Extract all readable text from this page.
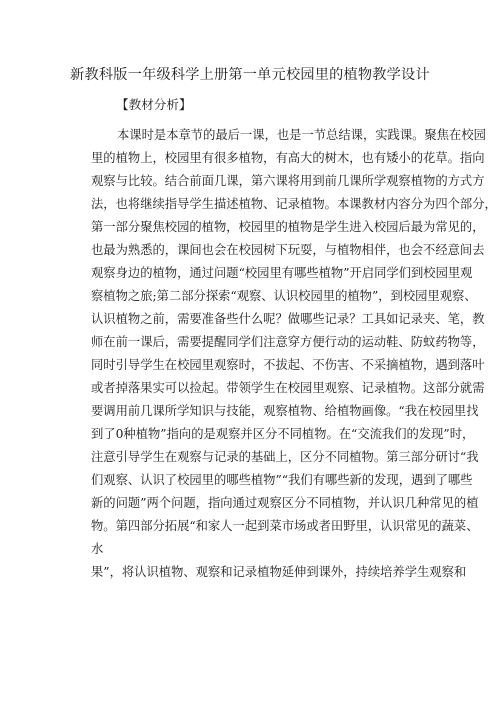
新教科版一年级科学上册第一单元校园里的植物教学设计
【教材分析】
本课时是本章节的最后一课，也是一节总结课，实践课。聚焦在校园
里的植物上，校园里有很多植物，有高大的树木，也有矮小的花草。指向
观察与比较。结合前面几课，第六课将用到前几课所学观察植物的方式方
法，也将继续指导学生描述植物、记录植物。本课教材内容分为四个部分，
第一部分聚焦校园的植物，校园里的植物是学生进入校园后最为常见的，
也最为熟悉的，课间也会在校园树下玩耍，与植物相伴，也会不经意间去
观察身边的植物，通过问题“校园里有哪些植物”开启同学们到校园里观
察植物之旅;第二部分探索“观察、认识校园里的植物”，到校园里观察、
认识植物之前，需要准备些什么呢？做哪些记录？工具如记录夹、笔，教
师在前一课后，需要提醒同学们注意穿方便行动的运动鞋、防蚊药物等，
同时引导学生在校园里观察时，不拔起、不伤害、不采摘植物，遇到落叶
或者掉落果实可以捡起。带领学生在校园里观察、记录植物。这部分就需
要调用前几课所学知识与技能，观察植物、给植物画像。“我在校园里找
到了0种植物”指向的是观察并区分不同植物。在“交流我们的发现”时，
注意引导学生在观察与记录的基础上，区分不同植物。第三部分研讨“我
们观察、认识了校园里的哪些植物”“我们有哪些新的发现，遇到了哪些
新的问题”两个问题，指向通过观察区分不同植物，并认识几种常见的植
物。第四部分拓展“和家人一起到菜市场或者田野里，认识常见的蔬菜、
水
果”，将认识植物、观察和记录植物延伸到课外，持续培养学生观察和
